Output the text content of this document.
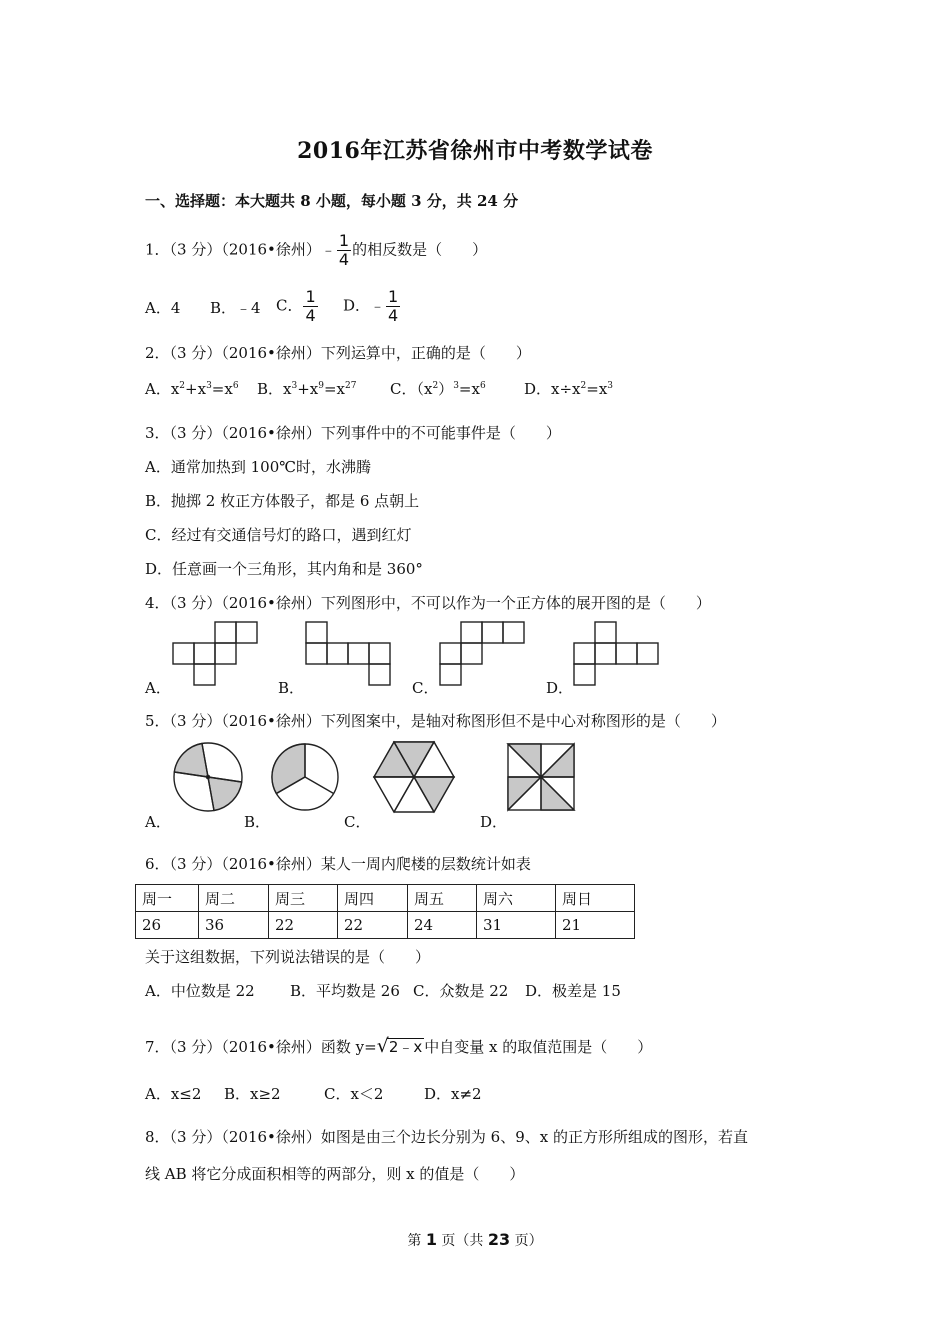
2016年江苏省徐州市中考数学试卷
一、选择题：本大题共 8 小题，每小题 3 分，共 24 分
1．（3 分）（2016•徐州）﹣ $\frac{1}{4}$ 的相反数是（　　）
A．4 B．﹣4 C． $\frac{1}{4}$ D．﹣ $\frac{1}{4}$
2．（3 分）（2016•徐州）下列运算中，正确的是（　　）
A．$x^2+x^3=x^6$ B．$x^3+x^9=x^{27}$ C．$(x^2)^3=x^6$	D．$x\div x^2=x^3$
3．（3 分）（2016•徐州）下列事件中的不可能事件是（　　）
A．通常加热到 100℃时，水沸腾
B．抛掷 2 枚正方体骰子，都是 6 点朝上
C．经过有交通信号灯的路口，遇到红灯
D．任意画一个三角形，其内角和是 360°
4．（3 分）（2016•徐州）下列图形中，不可以作为一个正方体的展开图的是（　　）
A．	B．	C．	D．
5．（3 分）（2016•徐州）下列图案中，是轴对称图形但不是中心对称图形的是（　　）
A．	B．	C．	D．
6．（3 分）（2016•徐州）某人一周内爬楼的层数统计如表
周一	周二	周三	周四	周五	周六	周日
26	36	22	22	24	31	21
关于这组数据，下列说法错误的是（　　）
A．中位数是 22 B．平均数是 26 C．众数是 22 D．极差是 15
7．（3 分）（2016•徐州）函数 y=√2﹣x 中自变量 x 的取值范围是（　　）
A．x≤2 B．x≥2	C．x＜2	D．x≠2
8．（3 分）（2016•徐州）如图是由三个边长分别为 6、9、x 的正方形所组成的图形，若直
线 AB 将它分成面积相等的两部分，则 x 的值是（　　）
第 1 页（共 23 页）
